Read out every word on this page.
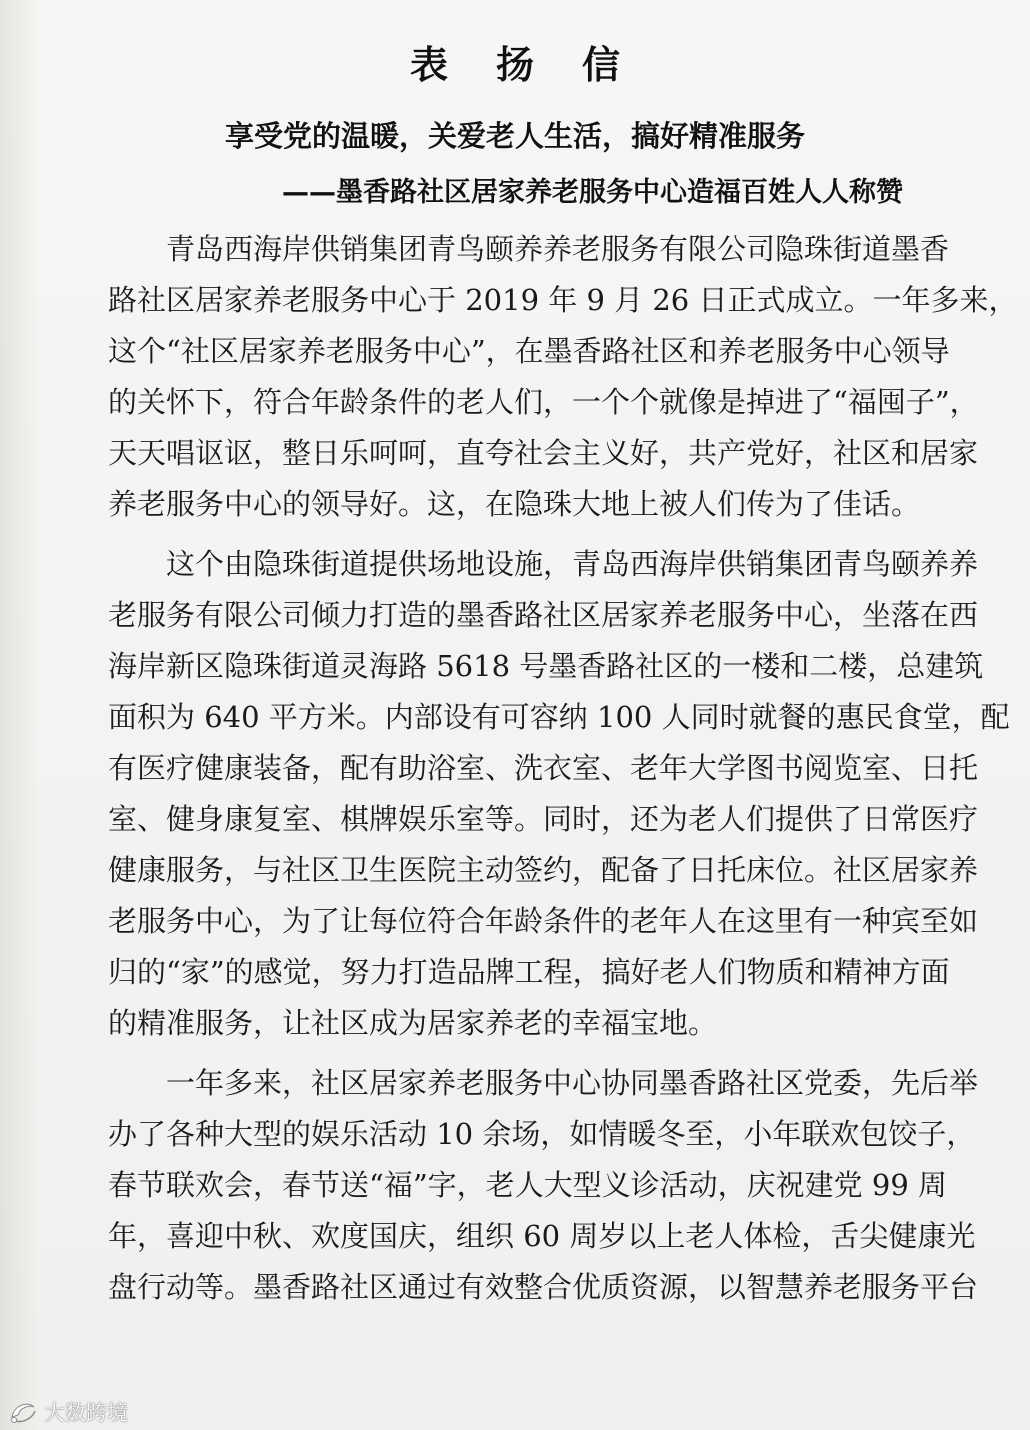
表扬信
享受党的温暖，关爱老人生活，搞好精准服务
——墨香路社区居家养老服务中心造福百姓人人称赞
青岛西海岸供销集团青鸟颐养养老服务有限公司隐珠街道墨香
路社区居家养老服务中心于 2019 年 9 月 26 日正式成立。一年多来，
这个“社区居家养老服务中心”，在墨香路社区和养老服务中心领导
的关怀下，符合年龄条件的老人们，一个个就像是掉进了“福囤子”，
天天唱讴讴，整日乐呵呵，直夸社会主义好，共产党好，社区和居家
养老服务中心的领导好。这，在隐珠大地上被人们传为了佳话。
这个由隐珠街道提供场地设施，青岛西海岸供销集团青鸟颐养养
老服务有限公司倾力打造的墨香路社区居家养老服务中心，坐落在西
海岸新区隐珠街道灵海路 5618 号墨香路社区的一楼和二楼，总建筑
面积为 640 平方米。内部设有可容纳 100 人同时就餐的惠民食堂，配
有医疗健康装备，配有助浴室、洗衣室、老年大学图书阅览室、日托
室、健身康复室、棋牌娱乐室等。同时，还为老人们提供了日常医疗
健康服务，与社区卫生医院主动签约，配备了日托床位。社区居家养
老服务中心，为了让每位符合年龄条件的老年人在这里有一种宾至如
归的“家”的感觉，努力打造品牌工程，搞好老人们物质和精神方面
的精准服务，让社区成为居家养老的幸福宝地。
一年多来，社区居家养老服务中心协同墨香路社区党委，先后举
办了各种大型的娱乐活动 10 余场，如情暖冬至，小年联欢包饺子，
春节联欢会，春节送“福”字，老人大型义诊活动，庆祝建党 99 周
年，喜迎中秋、欢度国庆，组织 60 周岁以上老人体检，舌尖健康光
盘行动等。墨香路社区通过有效整合优质资源，以智慧养老服务平台
大数跨境
